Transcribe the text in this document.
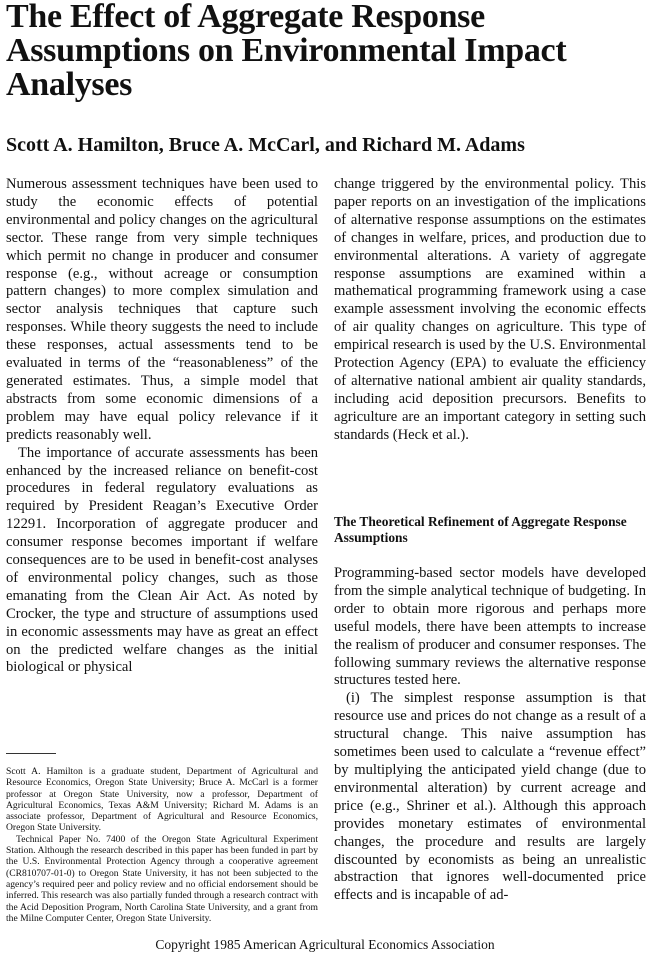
The Effect of Aggregate Response Assumptions on Environmental Impact Analyses
Scott A. Hamilton, Bruce A. McCarl, and Richard M. Adams

Numerous assessment techniques have been used to study the economic effects of potential environmental and policy changes on the agricultural sector. These range from very simple techniques which permit no change in producer and consumer response (e.g., without acreage or consumption pattern changes) to more complex simulation and sector analysis techniques that capture such responses. While theory suggests the need to include these responses, actual assessments tend to be evaluated in terms of the “reasonableness” of the generated estimates. Thus, a simple model that abstracts from some economic dimensions of a problem may have equal policy relevance if it predicts reasonably well.

The importance of accurate assessments has been enhanced by the increased reliance on benefit-cost procedures in federal regulatory evaluations as required by President Reagan’s Executive Order 12291. Incorporation of aggregate producer and consumer response becomes important if welfare consequences are to be used in benefit-cost analyses of environmental policy changes, such as those emanating from the Clean Air Act. As noted by Crocker, the type and structure of assumptions used in economic assessments may have as great an effect on the predicted welfare changes as the initial biological or physical

change triggered by the environmental policy. This paper reports on an investigation of the implications of alternative response assumptions on the estimates of changes in welfare, prices, and production due to environmental alterations. A variety of aggregate response assumptions are examined within a mathematical programming framework using a case example assessment involving the economic effects of air quality changes on agriculture. This type of empirical research is used by the U.S. Environmental Protection Agency (EPA) to evaluate the efficiency of alternative national ambient air quality standards, including acid deposition precursors. Benefits to agriculture are an important category in setting such standards (Heck et al.).

The Theoretical Refinement of Aggregate Response Assumptions

Programming-based sector models have developed from the simple analytical technique of budgeting. In order to obtain more rigorous and perhaps more useful models, there have been attempts to increase the realism of producer and consumer responses. The following summary reviews the alternative response structures tested here.

(i) The simplest response assumption is that resource use and prices do not change as a result of a structural change. This naive assumption has sometimes been used to calculate a “revenue effect” by multiplying the anticipated yield change (due to environmental alteration) by current acreage and price (e.g., Shriner et al.). Although this approach provides monetary estimates of environmental changes, the procedure and results are largely discounted by economists as being an unrealistic abstraction that ignores well-documented price effects and is incapable of ad-

Scott A. Hamilton is a graduate student, Department of Agricultural and Resource Economics, Oregon State University; Bruce A. McCarl is a former professor at Oregon State University, now a professor, Department of Agricultural Economics, Texas A&M University; Richard M. Adams is an associate professor, Department of Agricultural and Resource Economics, Oregon State University.

Technical Paper No. 7400 of the Oregon State Agricultural Experiment Station. Although the research described in this paper has been funded in part by the U.S. Environmental Protection Agency through a cooperative agreement (CR810707-01-0) to Oregon State University, it has not been subjected to the agency’s required peer and policy review and no official endorsement should be inferred. This research was also partially funded through a research contract with the Acid Deposition Program, North Carolina State University, and a grant from the Milne Computer Center, Oregon State University.

Copyright 1985 American Agricultural Economics Association
